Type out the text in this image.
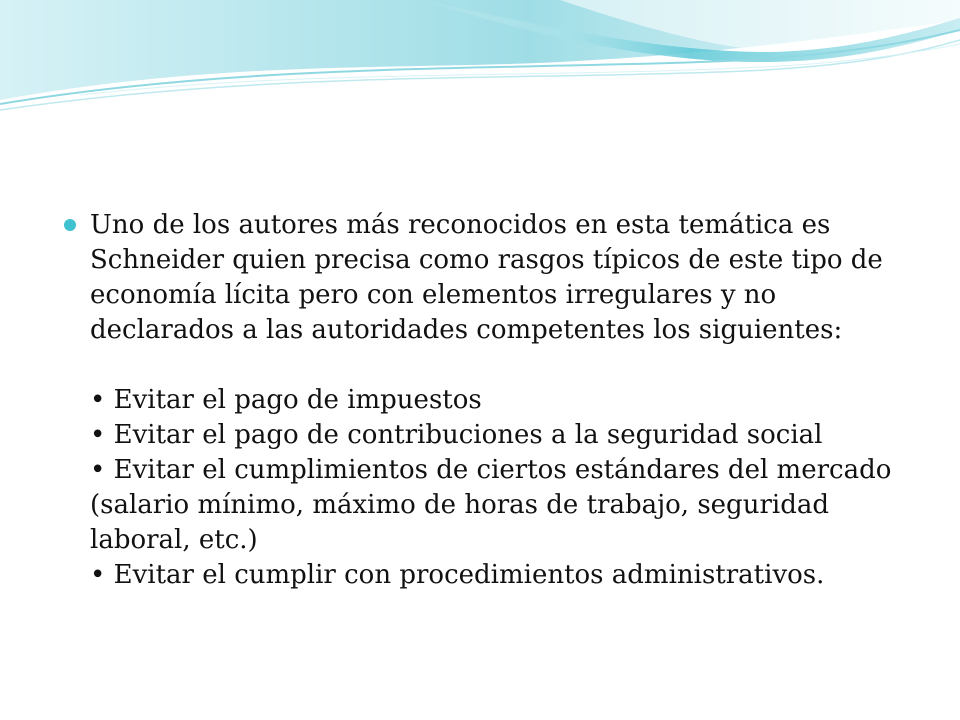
Uno de los autores más reconocidos en esta temática es Schneider quien precisa como rasgos típicos de este tipo de economía lícita pero con elementos irregulares y no declarados a las autoridades competentes los siguientes:
• Evitar el pago de impuestos
• Evitar el pago de contribuciones a la seguridad social
• Evitar el cumplimientos de ciertos estándares del mercado (salario mínimo, máximo de horas de trabajo, seguridad laboral, etc.)
• Evitar el cumplir con procedimientos administrativos.
